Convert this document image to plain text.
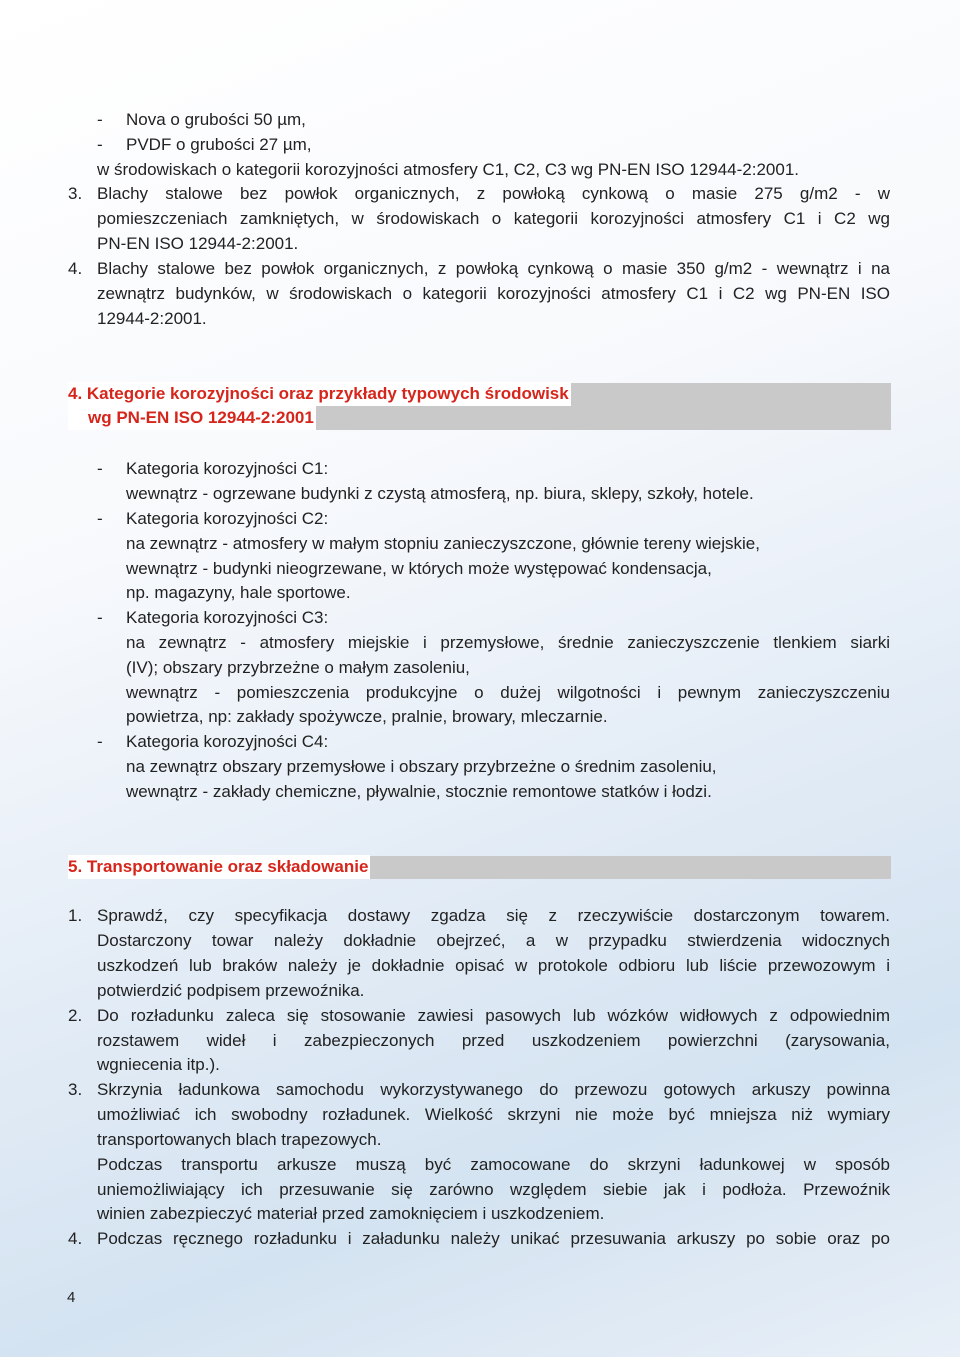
- Nova o grubości 50 µm,
- PVDF o grubości 27 µm,
w środowiskach o kategorii korozyjności atmosfery C1, C2, C3 wg PN-EN ISO 12944-2:2001.
3. Blachy stalowe bez powłok organicznych, z powłoką cynkową o masie 275 g/m2 - w
pomieszczeniach zamkniętych, w środowiskach o kategorii korozyjności atmosfery C1 i C2 wg
PN-EN ISO 12944-2:2001.
4. Blachy stalowe bez powłok organicznych, z powłoką cynkową o masie 350 g/m2 - wewnątrz i na
zewnątrz budynków, w środowiskach o kategorii korozyjności atmosfery C1 i C2 wg PN-EN ISO
12944-2:2001.
4. Kategorie korozyjności oraz przykłady typowych środowisk
wg PN-EN ISO 12944-2:2001
- Kategoria korozyjności C1:
wewnątrz - ogrzewane budynki z czystą atmosferą, np. biura, sklepy, szkoły, hotele.
- Kategoria korozyjności C2:
na zewnątrz - atmosfery w małym stopniu zanieczyszczone, głównie tereny wiejskie,
wewnątrz - budynki nieogrzewane, w których może występować kondensacja,
np. magazyny, hale sportowe.
- Kategoria korozyjności C3:
na zewnątrz - atmosfery miejskie i przemysłowe, średnie zanieczyszczenie tlenkiem siarki
(IV); obszary przybrzeżne o małym zasoleniu,
wewnątrz - pomieszczenia produkcyjne o dużej wilgotności i pewnym zanieczyszczeniu
powietrza, np: zakłady spożywcze, pralnie, browary, mleczarnie.
- Kategoria korozyjności C4:
na zewnątrz obszary przemysłowe i obszary przybrzeżne o średnim zasoleniu,
wewnątrz - zakłady chemiczne, pływalnie, stocznie remontowe statków i łodzi.
5. Transportowanie oraz składowanie
1. Sprawdź, czy specyfikacja dostawy zgadza się z rzeczywiście dostarczonym towarem.
Dostarczony towar należy dokładnie obejrzeć, a w przypadku stwierdzenia widocznych
uszkodzeń lub braków należy je dokładnie opisać w protokole odbioru lub liście przewozowym i
potwierdzić podpisem przewoźnika.
2. Do rozładunku zaleca się stosowanie zawiesi pasowych lub wózków widłowych z odpowiednim
rozstawem wideł i zabezpieczonych przed uszkodzeniem powierzchni (zarysowania,
wgniecenia itp.).
3. Skrzynia ładunkowa samochodu wykorzystywanego do przewozu gotowych arkuszy powinna
umożliwiać ich swobodny rozładunek. Wielkość skrzyni nie może być mniejsza niż wymiary
transportowanych blach trapezowych.
Podczas transportu arkusze muszą być zamocowane do skrzyni ładunkowej w sposób
uniemożliwiający ich przesuwanie się zarówno względem siebie jak i podłoża. Przewoźnik
winien zabezpieczyć materiał przed zamoknięciem i uszkodzeniem.
4. Podczas ręcznego rozładunku i załadunku należy unikać przesuwania arkuszy po sobie oraz po
4
